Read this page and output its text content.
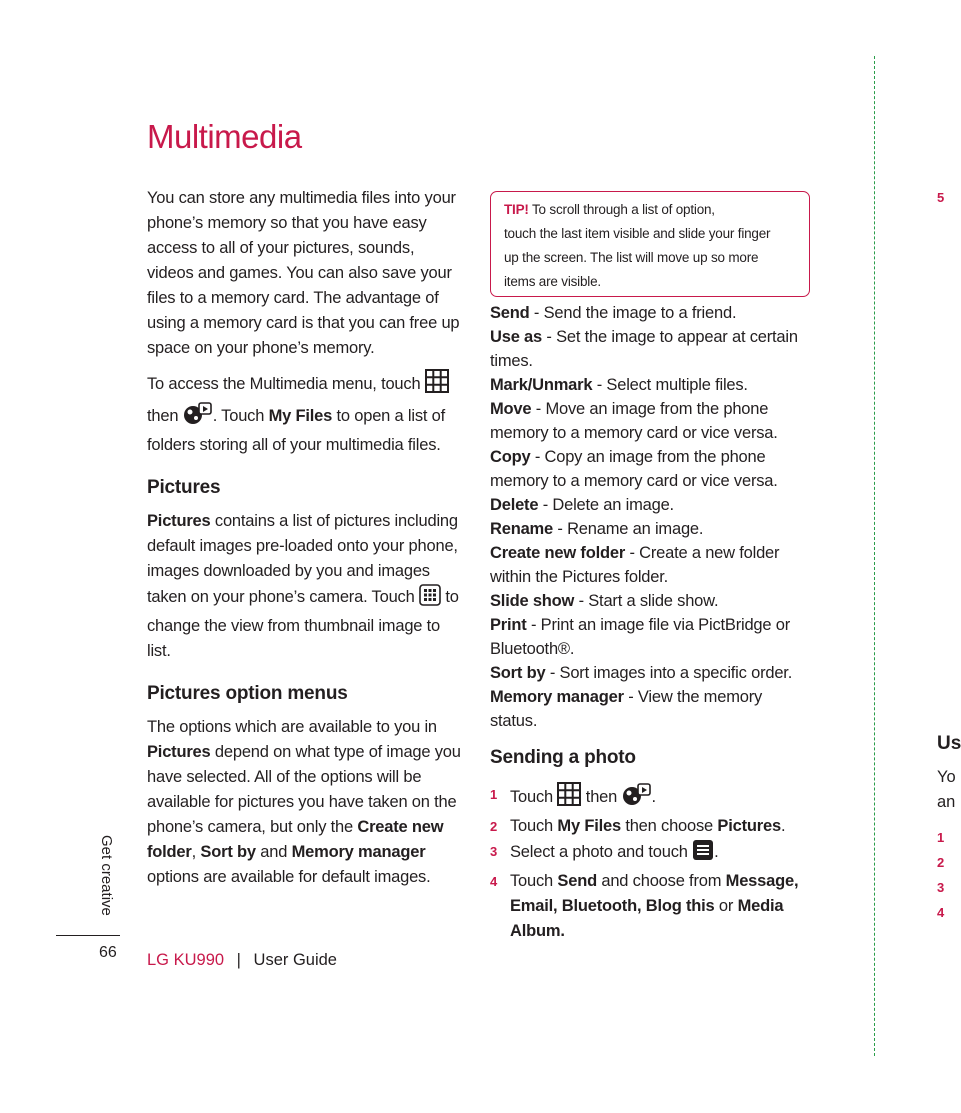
Multimedia

You can store any multimedia files into your phone’s memory so that you have easy access to all of your pictures, sounds, videos and games. You can also save your files to a memory card. The advantage of using a memory card is that you can free up space on your phone’s memory.

To access the Multimedia menu, touch  then . Touch My Files to open a list of folders storing all of your multimedia files.

Pictures

Pictures contains a list of pictures including default images pre-loaded onto your phone, images downloaded by you and images taken on your phone’s camera. Touch  to change the view from thumbnail image to list.

Pictures option menus

The options which are available to you in Pictures depend on what type of image you have selected. All of the options will be available for pictures you have taken on the phone’s camera, but only the Create new folder, Sort by and Memory manager options are available for default images.

TIP! To scroll through a list of option,
touch the last item visible and slide your finger
up the screen. The list will move up so more
items are visible.

Send - Send the image to a friend.

Use as - Set the image to appear at certain times.

Mark/Unmark - Select multiple files.

Move - Move an image from the phone memory to a memory card or vice versa.

Copy - Copy an image from the phone memory to a memory card or vice versa.

Delete - Delete an image.

Rename - Rename an image.

Create new folder - Create a new folder within the Pictures folder.

Slide show - Start a slide show.

Print - Print an image file via PictBridge or Bluetooth®.

Sort by - Sort images into a specific order.

Memory manager - View the memory status.

Sending a photo
1 Touch  then .
2 Touch My Files then choose Pictures.
3 Select a photo and touch .
4 Touch Send and choose from Message, Email, Bluetooth, Blog this or Media Album.
Get creative
66 LG KU990 | User Guide
5
Us
Yo
an
1
2
3
4
